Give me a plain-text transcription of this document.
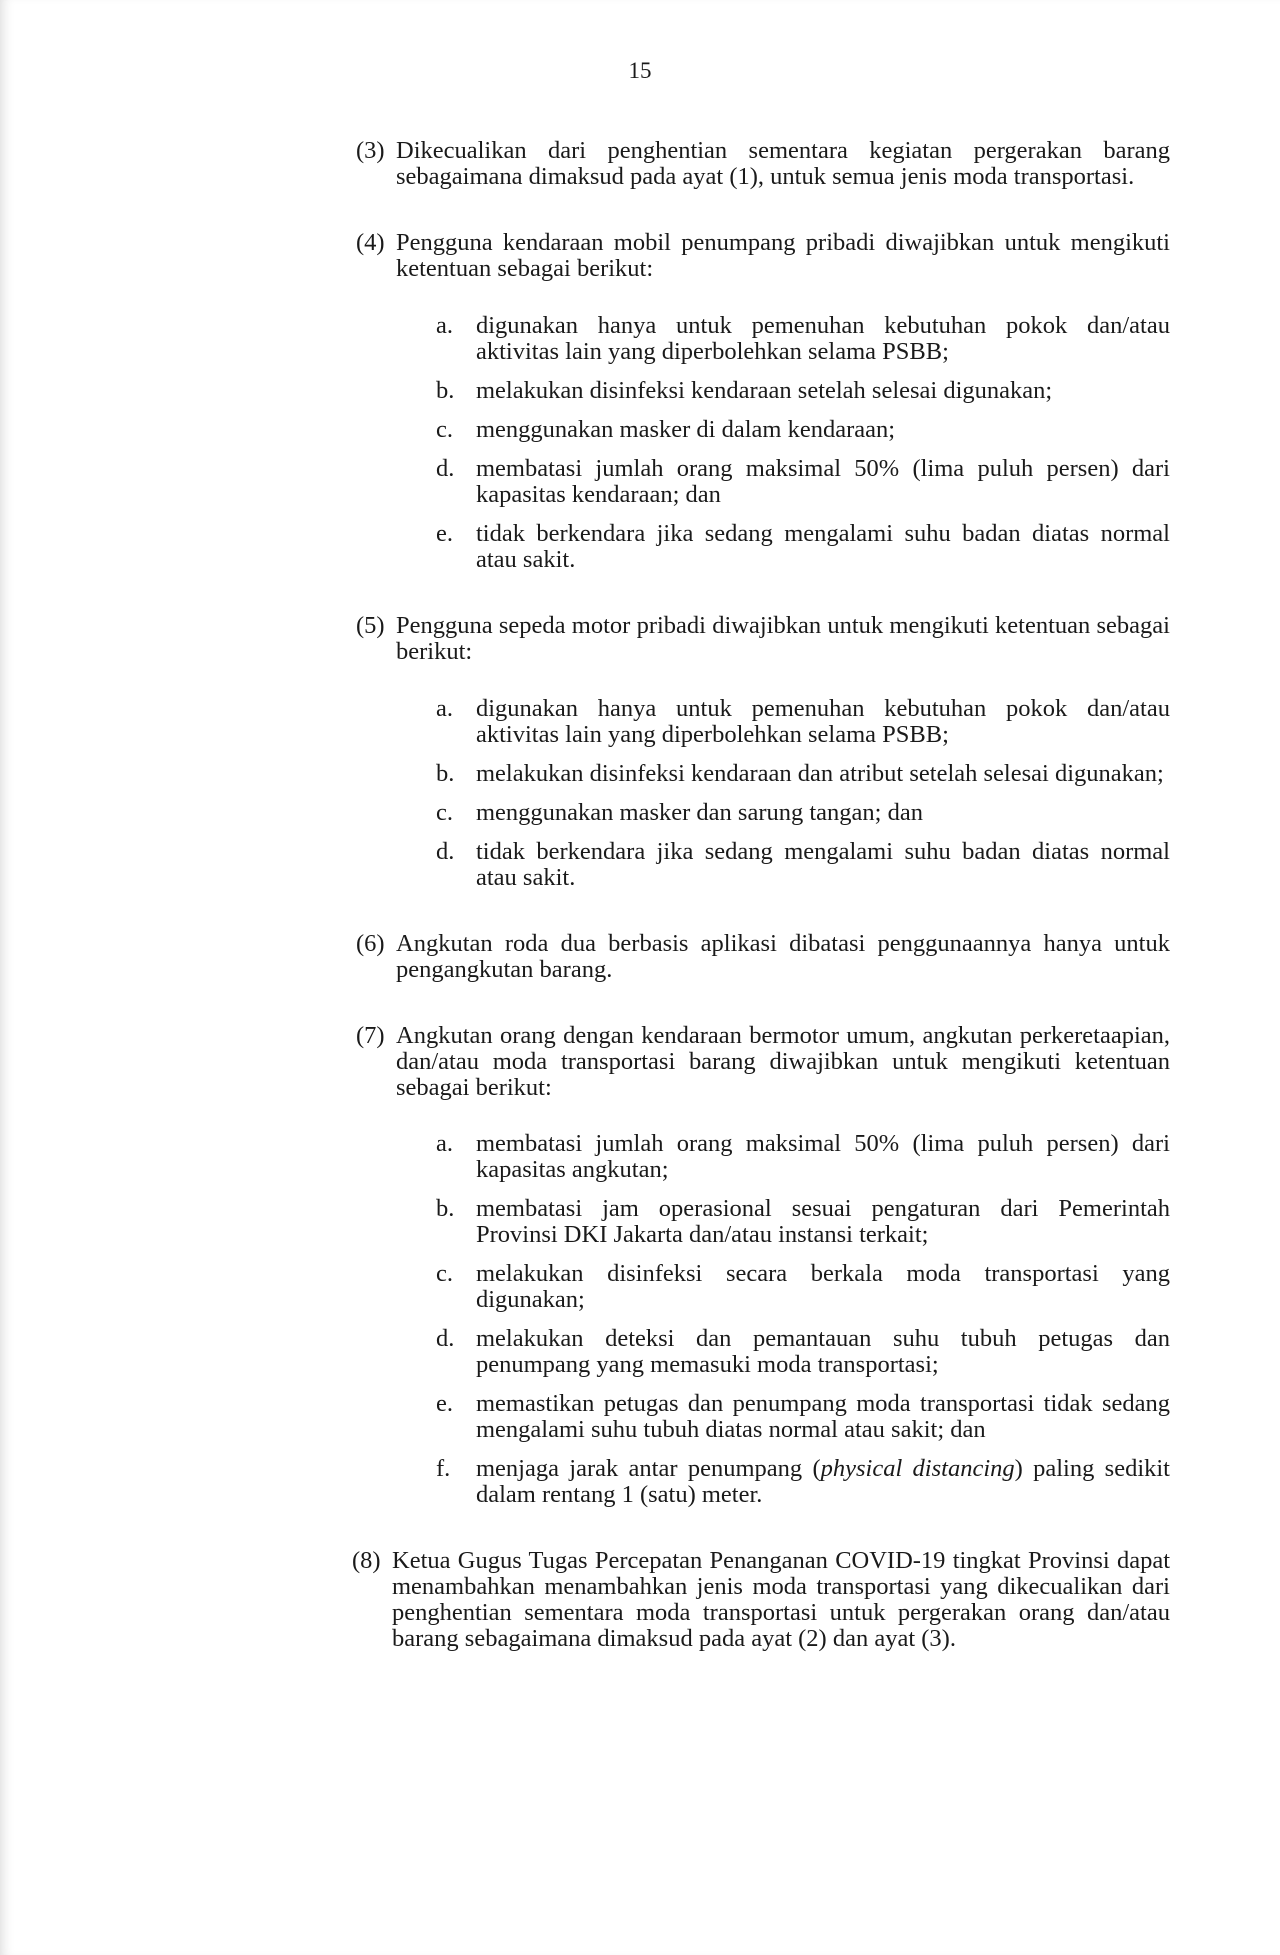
15
(3) Dikecualikan dari penghentian sementara kegiatan pergerakan barang sebagaimana dimaksud pada ayat (1), untuk semua jenis moda transportasi.
(4) Pengguna kendaraan mobil penumpang pribadi diwajibkan untuk mengikuti ketentuan sebagai berikut:
a. digunakan hanya untuk pemenuhan kebutuhan pokok dan/atau aktivitas lain yang diperbolehkan selama PSBB;
b. melakukan disinfeksi kendaraan setelah selesai digunakan;
c. menggunakan masker di dalam kendaraan;
d. membatasi jumlah orang maksimal 50% (lima puluh persen) dari kapasitas kendaraan; dan
e. tidak berkendara jika sedang mengalami suhu badan diatas normal atau sakit.
(5) Pengguna sepeda motor pribadi diwajibkan untuk mengikuti ketentuan sebagai berikut:
a. digunakan hanya untuk pemenuhan kebutuhan pokok dan/atau aktivitas lain yang diperbolehkan selama PSBB;
b. melakukan disinfeksi kendaraan dan atribut setelah selesai digunakan;
c. menggunakan masker dan sarung tangan; dan
d. tidak berkendara jika sedang mengalami suhu badan diatas normal atau sakit.
(6) Angkutan roda dua berbasis aplikasi dibatasi penggunaannya hanya untuk pengangkutan barang.
(7) Angkutan orang dengan kendaraan bermotor umum, angkutan perkeretaapian, dan/atau moda transportasi barang diwajibkan untuk mengikuti ketentuan sebagai berikut:
a. membatasi jumlah orang maksimal 50% (lima puluh persen) dari kapasitas angkutan;
b. membatasi jam operasional sesuai pengaturan dari Pemerintah Provinsi DKI Jakarta dan/atau instansi terkait;
c. melakukan disinfeksi secara berkala moda transportasi yang digunakan;
d. melakukan deteksi dan pemantauan suhu tubuh petugas dan penumpang yang memasuki moda transportasi;
e. memastikan petugas dan penumpang moda transportasi tidak sedang mengalami suhu tubuh diatas normal atau sakit; dan
f.	menjaga jarak antar penumpang (physical distancing) paling sedikit dalam rentang 1 (satu) meter.
(8) Ketua Gugus Tugas Percepatan Penanganan COVID-19 tingkat Provinsi dapat menambahkan menambahkan jenis moda transportasi yang dikecualikan dari penghentian sementara moda transportasi untuk pergerakan orang dan/atau barang sebagaimana dimaksud pada ayat (2) dan ayat (3).
